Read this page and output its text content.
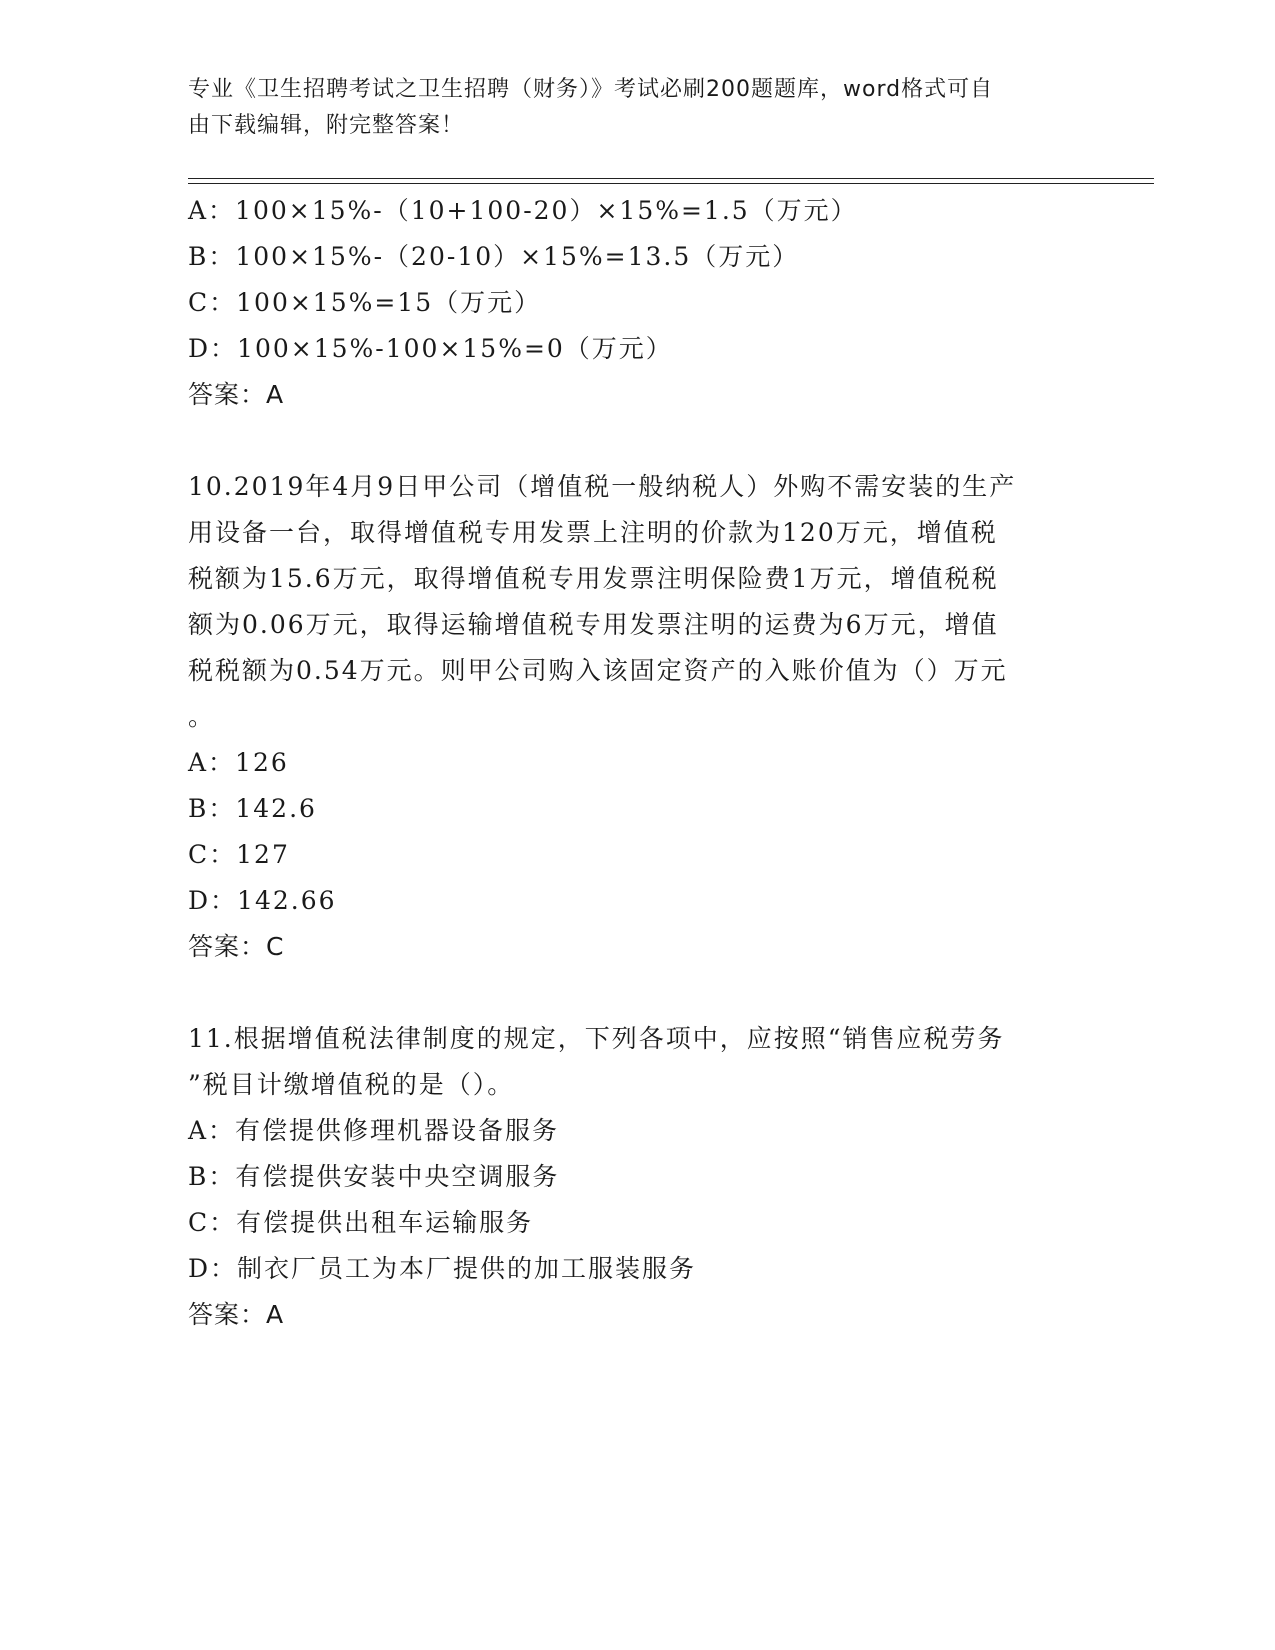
专业《卫生招聘考试之卫生招聘（财务）》考试必刷200题题库，word格式可自
由下载编辑，附完整答案！
A：100×15%-（10+100-20）×15%=1.5（万元）
B：100×15%-（20-10）×15%=13.5（万元）
C：100×15%=15（万元）
D：100×15%-100×15%=0（万元）
答案：A
10.2019年4月9日甲公司（增值税一般纳税人）外购不需安装的生产
用设备一台，取得增值税专用发票上注明的价款为120万元，增值税
税额为15.6万元，取得增值税专用发票注明保险费1万元，增值税税
额为0.06万元，取得运输增值税专用发票注明的运费为6万元，增值
税税额为0.54万元。则甲公司购入该固定资产的入账价值为（）万元
。
A：126
B：142.6
C：127
D：142.66
答案：C
11.根据增值税法律制度的规定，下列各项中，应按照“销售应税劳务
”税目计缴增值税的是（）。
A：有偿提供修理机器设备服务
B：有偿提供安装中央空调服务
C：有偿提供出租车运输服务
D：制衣厂员工为本厂提供的加工服装服务
答案：A
